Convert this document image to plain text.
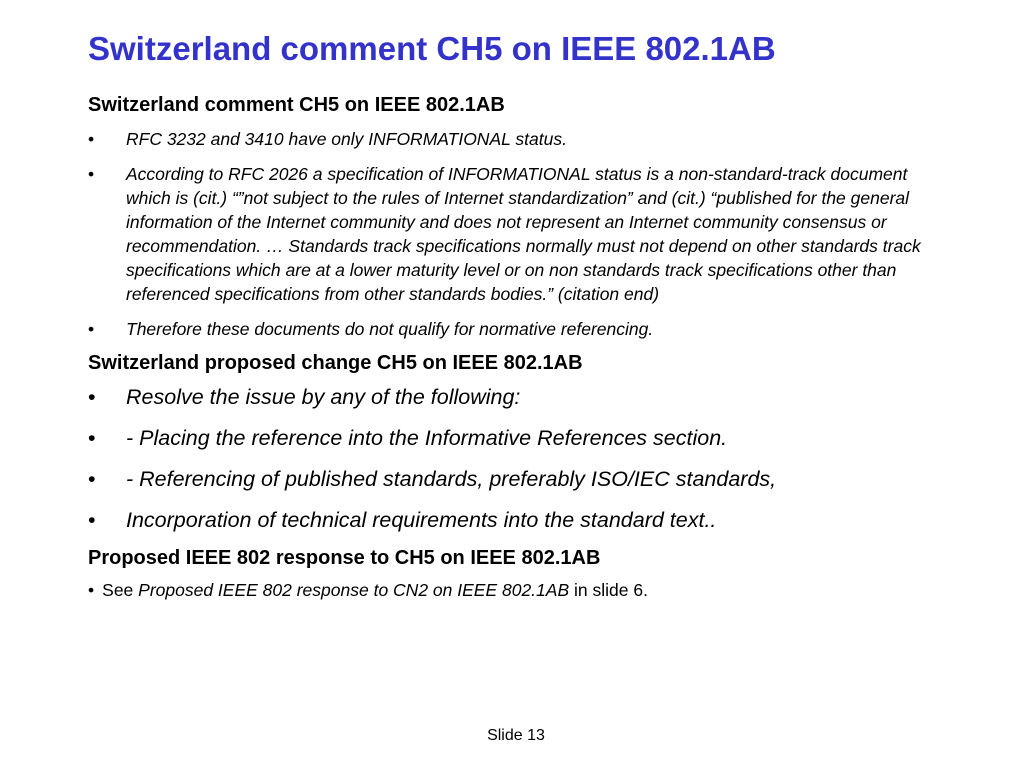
Switzerland comment CH5 on IEEE 802.1AB

Switzerland comment CH5 on IEEE 802.1AB

• RFC 3232 and 3410 have only INFORMATIONAL status.
• According to RFC 2026 a specification of INFORMATIONAL status is a non-standard-track document which is (cit.) “”not subject to the rules of Internet standardization” and (cit.) “published for the general information of the Internet community and does not represent an Internet community consensus or recommendation. … Standards track specifications normally must not depend on other standards track specifications which are at a lower maturity level or on non standards track specifications other than referenced specifications from other standards bodies.” (citation end)
• Therefore these documents do not qualify for normative referencing.

Switzerland proposed change CH5 on IEEE 802.1AB

• Resolve the issue by any of the following:
• - Placing the reference into the Informative References section.
• - Referencing of published standards, preferably ISO/IEC standards,
• Incorporation of technical requirements into the standard text..

Proposed IEEE 802 response to CH5 on IEEE 802.1AB

• See Proposed IEEE 802 response to CN2 on IEEE 802.1AB in slide 6.
Slide 13
